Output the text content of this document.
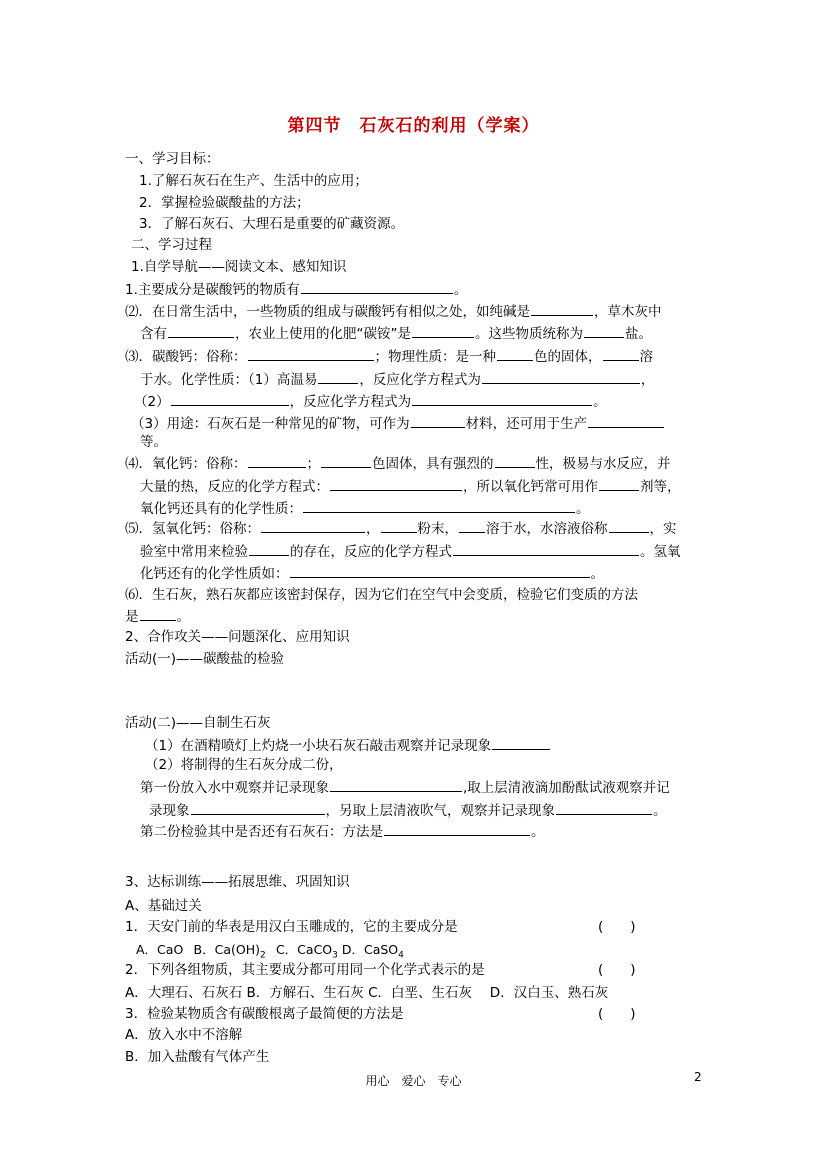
第四节　石灰石的利用（学案）
一、学习目标：
1.了解石灰石在生产、生活中的应用；
2．掌握检验碳酸盐的方法；
3．了解石灰石、大理石是重要的矿藏资源。
二、学习过程
1.自学导航——阅读文本、感知知识
1.主要成分是碳酸钙的物质有	。
⑵．在日常生活中，一些物质的组成与碳酸钙有相似之处，如纯碱是	，草木灰中
含有	，农业上使用的化肥“碳铵”是	。这些物质统称为	盐。
⑶．碳酸钙：俗称：	；物理性质：是一种	色的固体，	溶
于水。化学性质：（1）高温易	，反应化学方程式为	，
（2）	，反应化学方程式为	。
（3）用途：石灰石是一种常见的矿物，可作为	材料，还可用于生产
等。
⑷．氧化钙：俗称：	；	色固体，具有强烈的	性，极易与水反应，并
大量的热，反应的化学方程式：	，所以氧化钙常可用作	剂等，
氧化钙还具有的化学性质：	。
⑸．氢氧化钙：俗称：	，	粉末， 溶于水，水溶液俗称	，实
验室中常用来检验	的存在，反应的化学方程式	。氢氧
化钙还有的化学性质如：	。
⑹．生石灰，熟石灰都应该密封保存，因为它们在空气中会变质，检验它们变质的方法
是	。
2、合作攻关——问题深化、应用知识
活动(一)——碳酸盐的检验
活动(二)——自制生石灰
（1）在酒精喷灯上灼烧一小块石灰石敲击观察并记录现象
（2）将制得的生石灰分成二份，
第一份放入水中观察并记录现象	,取上层清液滴加酚酞试液观察并记
录现象	，另取上层清液吹气，观察并记录现象	。
第二份检验其中是否还有石灰石：方法是	。
3、达标训练——拓展思维、巩固知识
A、基础过关
1．天安门前的华表是用汉白玉雕成的，它的主要成分是	(　　)
A．CaO  B．$Ca(OH)_2$  C．CaCO$_3$ D．CaSO$_4$
2．下列各组物质，其主要成分都可用同一个化学式表示的是	(　　)
A．大理石、石灰石 B．方解石、生石灰 C．白垩、生石灰　 D．汉白玉、熟石灰
3．检验某物质含有碳酸根离子最简便的方法是	(　　)
A．放入水中不溶解
B．加入盐酸有气体产生
用心　爱心　专心	2
